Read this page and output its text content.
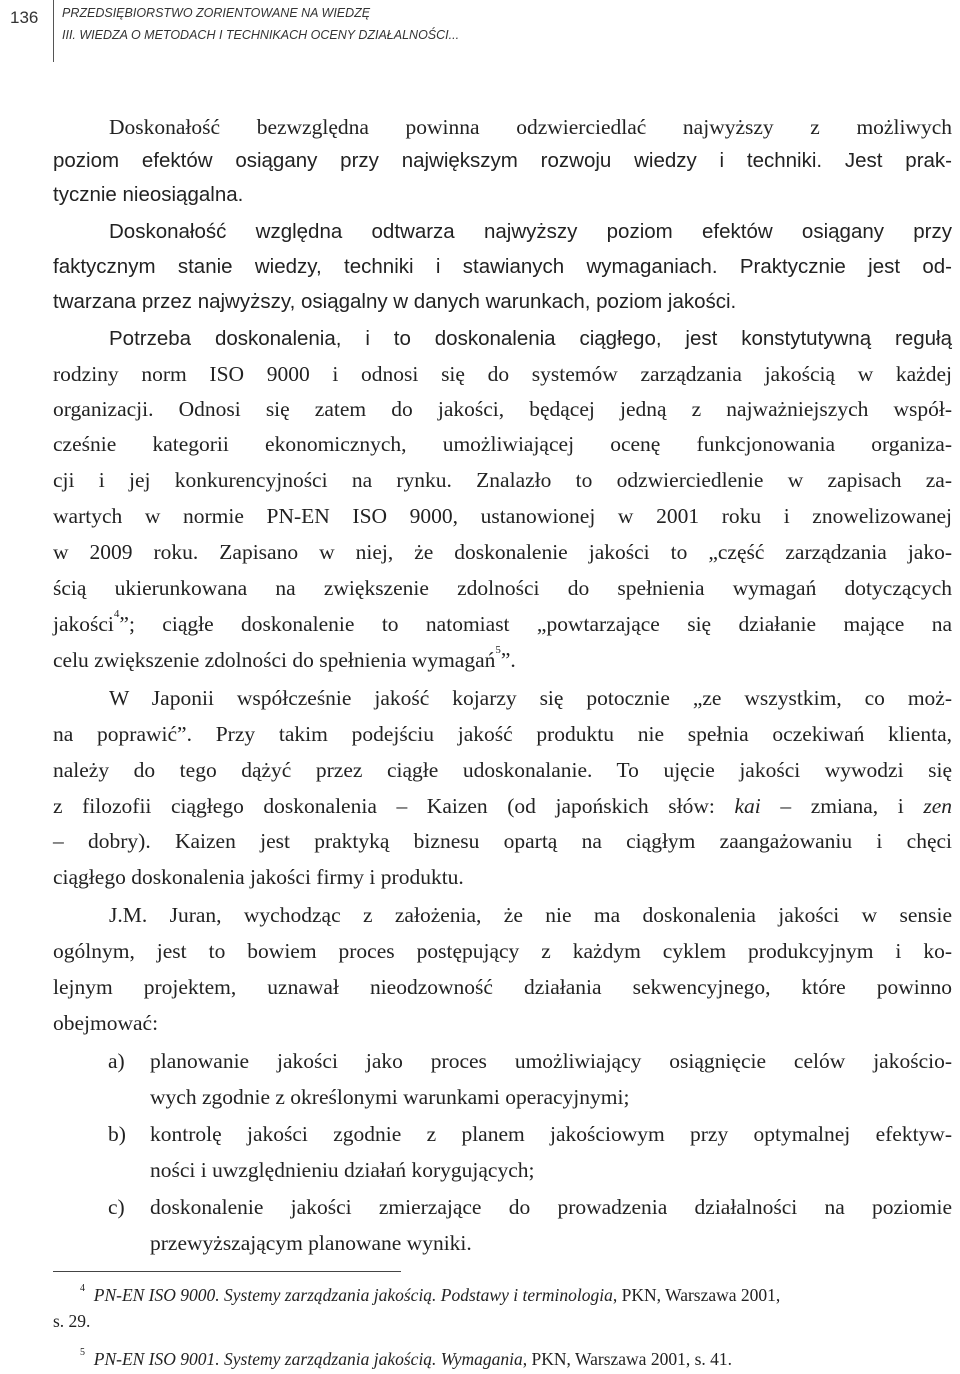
136 PRZEDSIĘBIORSTWO ZORIENTOWANE NA WIEDZĘ
III. WIEDZA O METODACH I TECHNIKACH OCENY DZIAŁALNOŚCI...
Doskonałość bezwzględna powinna odzwierciedlać najwyższy z możliwych
poziom efektów osiągany przy największym rozwoju wiedzy i techniki. Jest prak-
tycznie nieosiągalna.
Doskonałość względna odtwarza najwyższy poziom efektów osiągany przy
faktycznym stanie wiedzy, techniki i stawianych wymaganiach. Praktycznie jest od-
twarzana przez najwyższy, osiągalny w danych warunkach, poziom jakości.
Potrzeba doskonalenia, i to doskonalenia ciągłego, jest konstytutywną regułą
rodziny norm ISO 9000 i odnosi się do systemów zarządzania jakością w każdej
organizacji. Odnosi się zatem do jakości, będącej jedną z najważniejszych współ-
cześnie kategorii ekonomicznych, umożliwiającej ocenę funkcjonowania organiza-
cji i jej konkurencyjności na rynku. Znalazło to odzwierciedlenie w zapisach za-
wartych w normie PN-EN ISO 9000, ustanowionej w 2001 roku i znowelizowanej
w 2009 roku. Zapisano w niej, że doskonalenie jakości to „część zarządzania jako-
ścią ukierunkowana na zwiększenie zdolności do spełnienia wymagań dotyczących
jakości$^4$”; ciągłe doskonalenie to natomiast „powtarzające się działanie mające na
celu zwiększenie zdolności do spełnienia wymagań$^5$”.
W Japonii współcześnie jakość kojarzy się potocznie „ze wszystkim, co moż-
na poprawić”. Przy takim podejściu jakość produktu nie spełnia oczekiwań klienta,
należy do tego dążyć przez ciągłe udoskonalanie. To ujęcie jakości wywodzi się
z filozofii ciągłego doskonalenia – Kaizen (od japońskich słów: kai – zmiana, i zen
– dobry). Kaizen jest praktyką biznesu opartą na ciągłym zaangażowaniu i chęci
ciągłego doskonalenia jakości firmy i produktu.
J.M. Juran, wychodząc z założenia, że nie ma doskonalenia jakości w sensie
ogólnym, jest to bowiem proces postępujący z każdym cyklem produkcyjnym i ko-
lejnym projektem, uznawał nieodzowność działania sekwencyjnego, które powinno
obejmować:
a) planowanie jakości jako proces umożliwiający osiągnięcie celów jakościo-
wych zgodnie z określonymi warunkami operacyjnymi;
b) kontrolę jakości zgodnie z planem jakościowym przy optymalnej efektyw-
ności i uwzględnieniu działań korygujących;
c) doskonalenie jakości zmierzające do prowadzenia działalności na poziomie
przewyższającym planowane wyniki.
$^4$ PN-EN ISO 9000. Systemy zarządzania jakością. Podstawy i terminologia, PKN, Warszawa 2001,
s. 29.
$^5$ PN-EN ISO 9001. Systemy zarządzania jakością. Wymagania, PKN, Warszawa 2001, s. 41.
